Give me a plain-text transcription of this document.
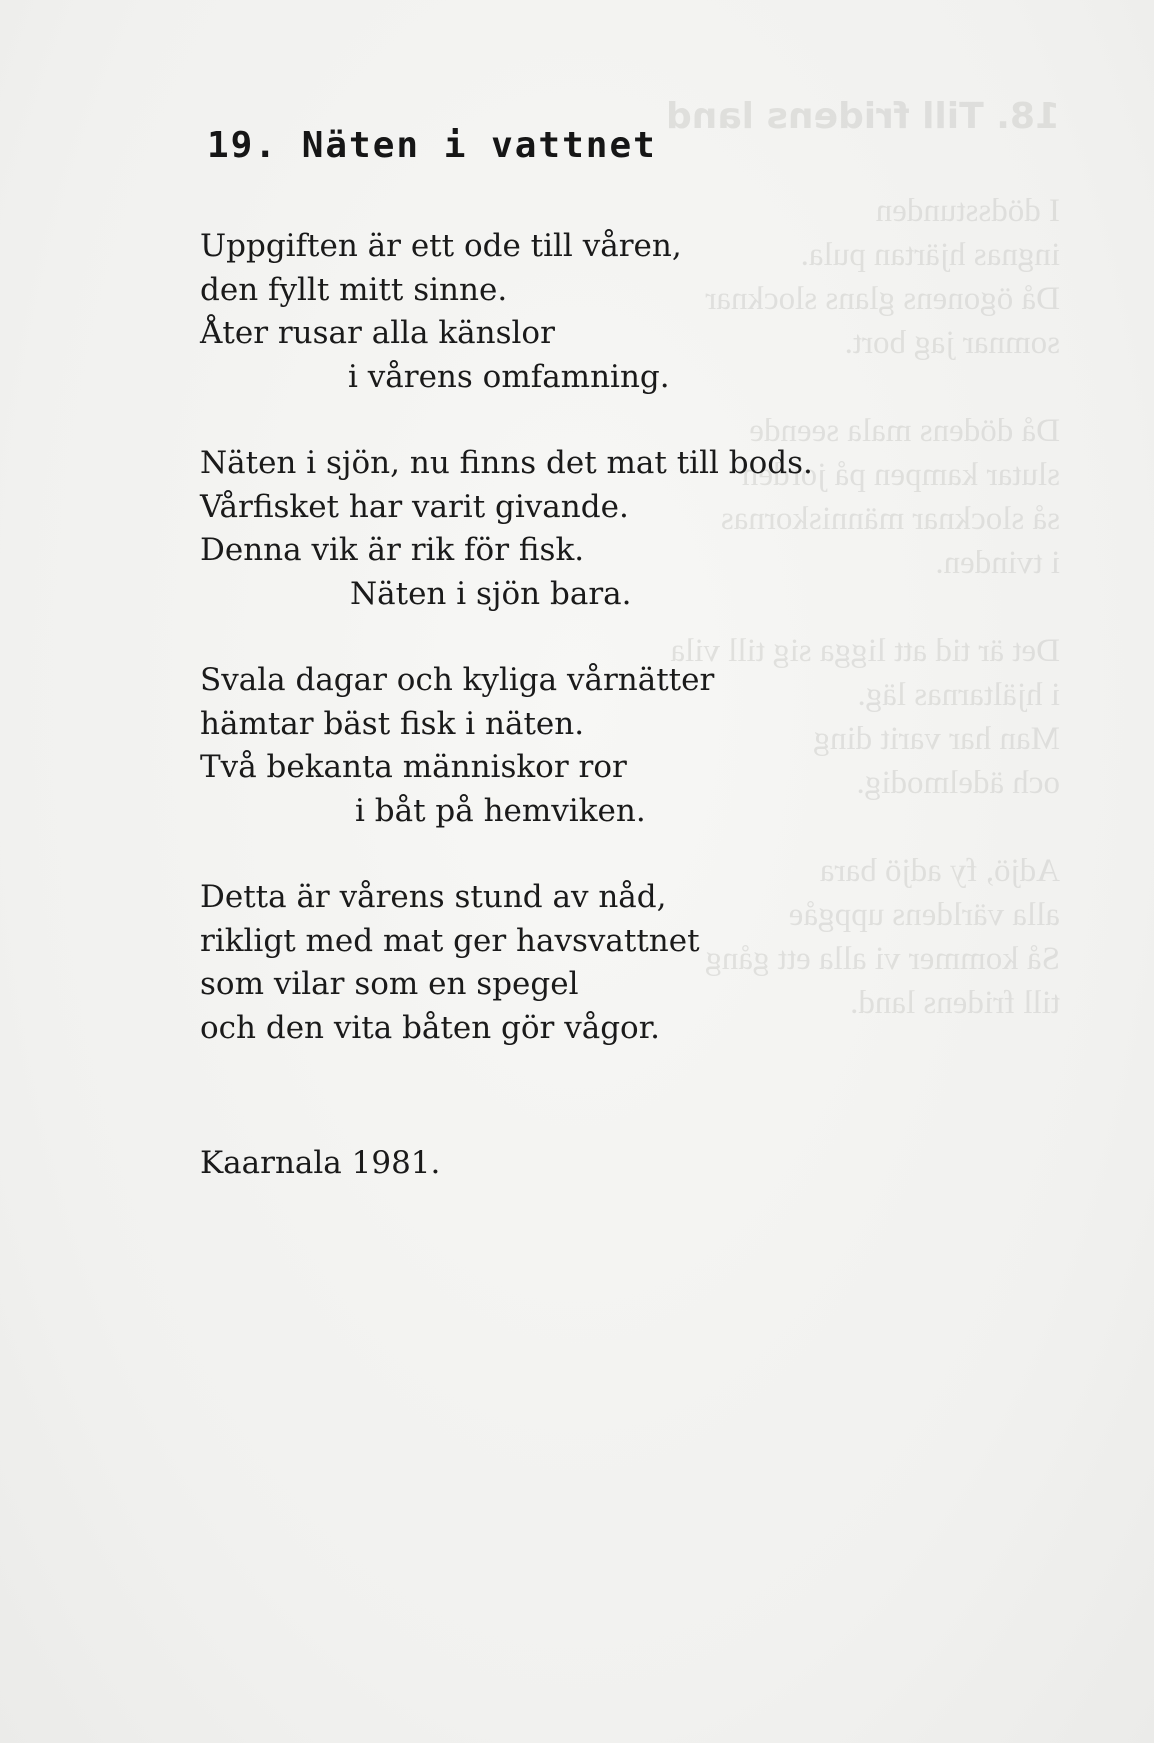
18. Till fridens land
I dödsstunden
ingnas hjärtan pula.
Då ögonens glans slocknar
somnar jag bort.
Då dödens mala seende
slutar kampen på jorden
så slocknar människornas
i tvinden.
Det är tid att ligga sig till vila
i hjältarnas läg.
Man har varit ding
och ädelmodig.
Adjö, fy adjö bara
alla världens uppgåe
Så kommer vi alla ett gång
till fridens land.
19. Näten i vattnet
Uppgiften är ett ode till våren,
den fyllt mitt sinne.
Åter rusar alla känslor
i vårens omfamning.
Näten i sjön, nu finns det mat till bods.
Vårfisket har varit givande.
Denna vik är rik för fisk.
Näten i sjön bara.
Svala dagar och kyliga vårnätter
hämtar bäst fisk i näten.
Två bekanta människor ror
i båt på hemviken.
Detta är vårens stund av nåd,
rikligt med mat ger havsvattnet
som vilar som en spegel
och den vita båten gör vågor.
Kaarnala 1981.
